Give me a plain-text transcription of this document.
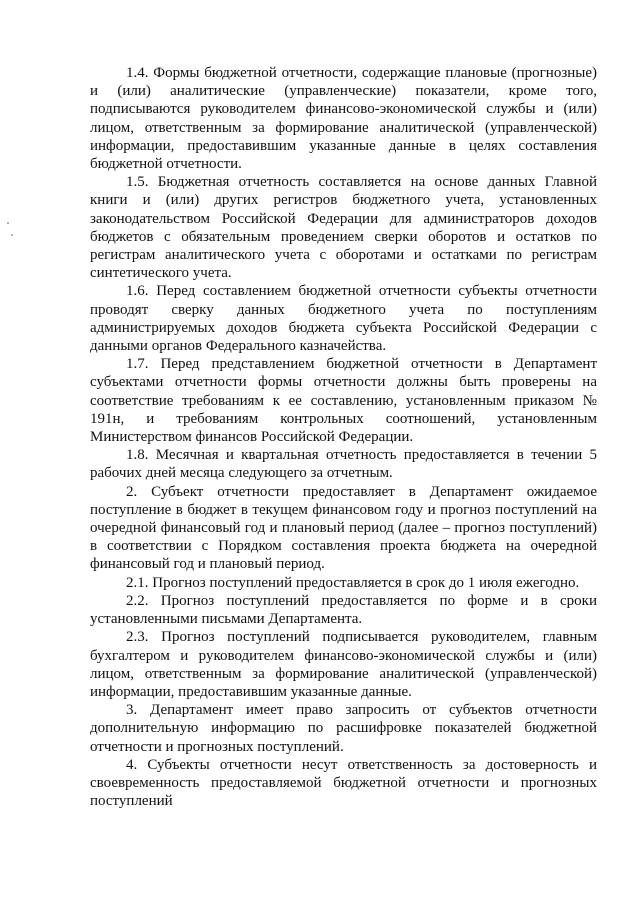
1.4. Формы бюджетной отчетности, содержащие плановые (прогнозные) и (или) аналитические (управленческие) показатели, кроме того, подписываются руководителем финансово-экономической службы и (или) лицом, ответственным за формирование аналитической (управленческой) информации, предоставившим указанные данные в целях составления бюджетной отчетности.

1.5. Бюджетная отчетность составляется на основе данных Главной книги и (или) других регистров бюджетного учета, установленных законодательством Российской Федерации для администраторов доходов бюджетов с обязательным проведением сверки оборотов и остатков по регистрам аналитического учета с оборотами и остатками по регистрам синтетического учета.

1.6. Перед составлением бюджетной отчетности субъекты отчетности проводят сверку данных бюджетного учета по поступлениям администрируемых доходов бюджета субъекта Российской Федерации с данными органов Федерального казначейства.

1.7. Перед представлением бюджетной отчетности в Департамент субъектами отчетности формы отчетности должны быть проверены на соответствие требованиям к ее составлению, установленным приказом № 191н, и требованиям контрольных соотношений, установленным Министерством финансов Российской Федерации.

1.8. Месячная и квартальная отчетность предоставляется в течении 5 рабочих дней месяца следующего за отчетным.

2. Субъект отчетности предоставляет в Департамент ожидаемое поступление в бюджет в текущем финансовом году и прогноз поступлений на очередной финансовый год и плановый период (далее – прогноз поступлений) в соответствии с Порядком составления проекта бюджета на очередной финансовый год и плановый период.

2.1. Прогноз поступлений предоставляется в срок до 1 июля ежегодно.

2.2. Прогноз поступлений предоставляется по форме и в сроки установленными письмами Департамента.

2.3. Прогноз поступлений подписывается руководителем, главным бухгалтером и руководителем финансово-экономической службы и (или) лицом, ответственным за формирование аналитической (управленческой) информации, предоставившим указанные данные.

3. Департамент имеет право запросить от субъектов отчетности дополнительную информацию по расшифровке показателей бюджетной отчетности и прогнозных поступлений.

4. Субъекты отчетности несут ответственность за достоверность и своевременность предоставляемой бюджетной отчетности и прогнозных поступлений
